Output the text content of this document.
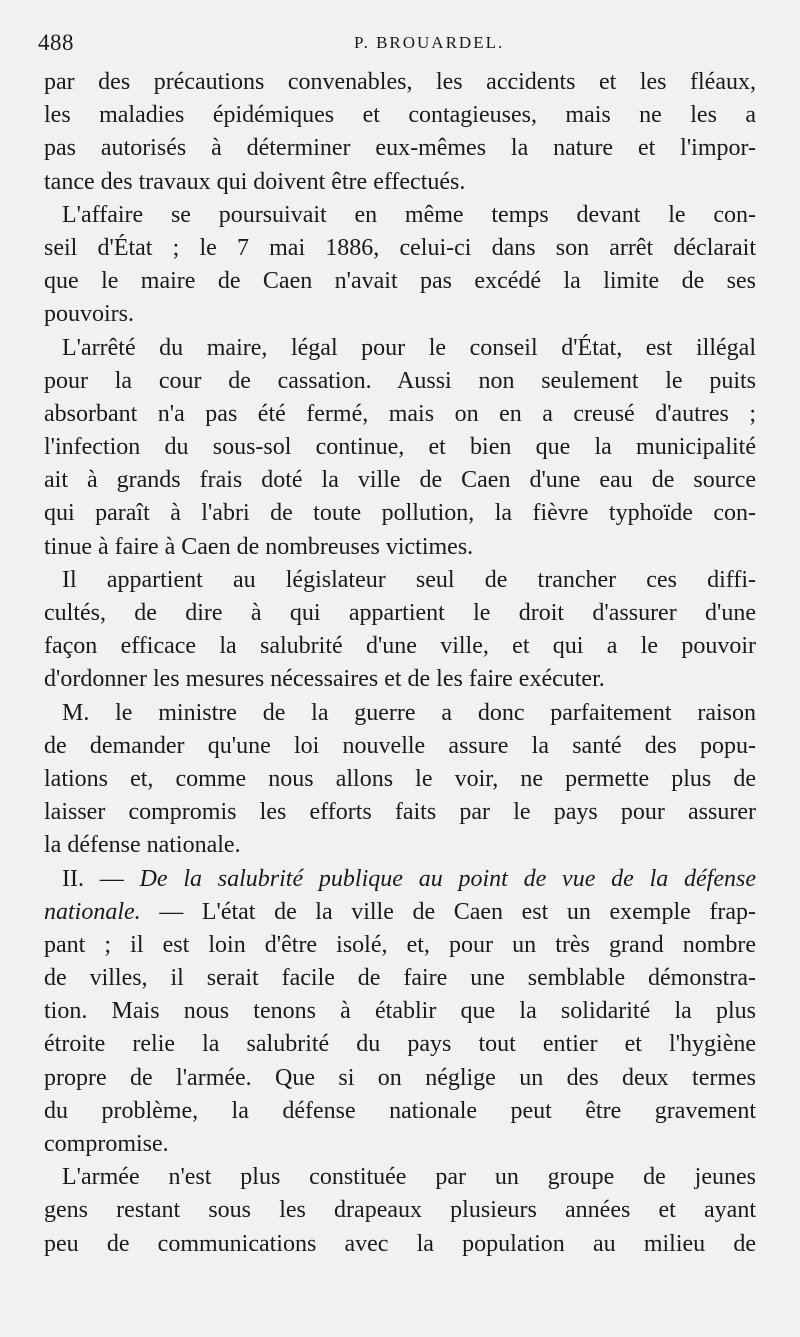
488	P. BROUARDEL.
par des précautions convenables, les accidents et les fléaux,
les maladies épidémiques et contagieuses, mais ne les a
pas autorisés à déterminer eux-mêmes la nature et l'impor-
tance des travaux qui doivent être effectués.
L'affaire se poursuivait en même temps devant le con-
seil d'État ; le 7 mai 1886, celui-ci dans son arrêt déclarait
que le maire de Caen n'avait pas excédé la limite de ses
pouvoirs.
L'arrêté du maire, légal pour le conseil d'État, est illégal
pour la cour de cassation. Aussi non seulement le puits
absorbant n'a pas été fermé, mais on en a creusé d'autres ;
l'infection du sous-sol continue, et bien que la municipalité
ait à grands frais doté la ville de Caen d'une eau de source
qui paraît à l'abri de toute pollution, la fièvre typhoïde con-
tinue à faire à Caen de nombreuses victimes.
Il appartient au législateur seul de trancher ces diffi-
cultés, de dire à qui appartient le droit d'assurer d'une
façon efficace la salubrité d'une ville, et qui a le pouvoir
d'ordonner les mesures nécessaires et de les faire exécuter.
M. le ministre de la guerre a donc parfaitement raison
de demander qu'une loi nouvelle assure la santé des popu-
lations et, comme nous allons le voir, ne permette plus de
laisser compromis les efforts faits par le pays pour assurer
la défense nationale.
II. — De la salubrité publique au point de vue de la défense
nationale. — L'état de la ville de Caen est un exemple frap-
pant ; il est loin d'être isolé, et, pour un très grand nombre
de villes, il serait facile de faire une semblable démonstra-
tion. Mais nous tenons à établir que la solidarité la plus
étroite relie la salubrité du pays tout entier et l'hygiène
propre de l'armée. Que si on néglige un des deux termes
du problème, la défense nationale peut être gravement
compromise.
L'armée n'est plus constituée par un groupe de jeunes
gens restant sous les drapeaux plusieurs années et ayant
peu de communications avec la population au milieu de
